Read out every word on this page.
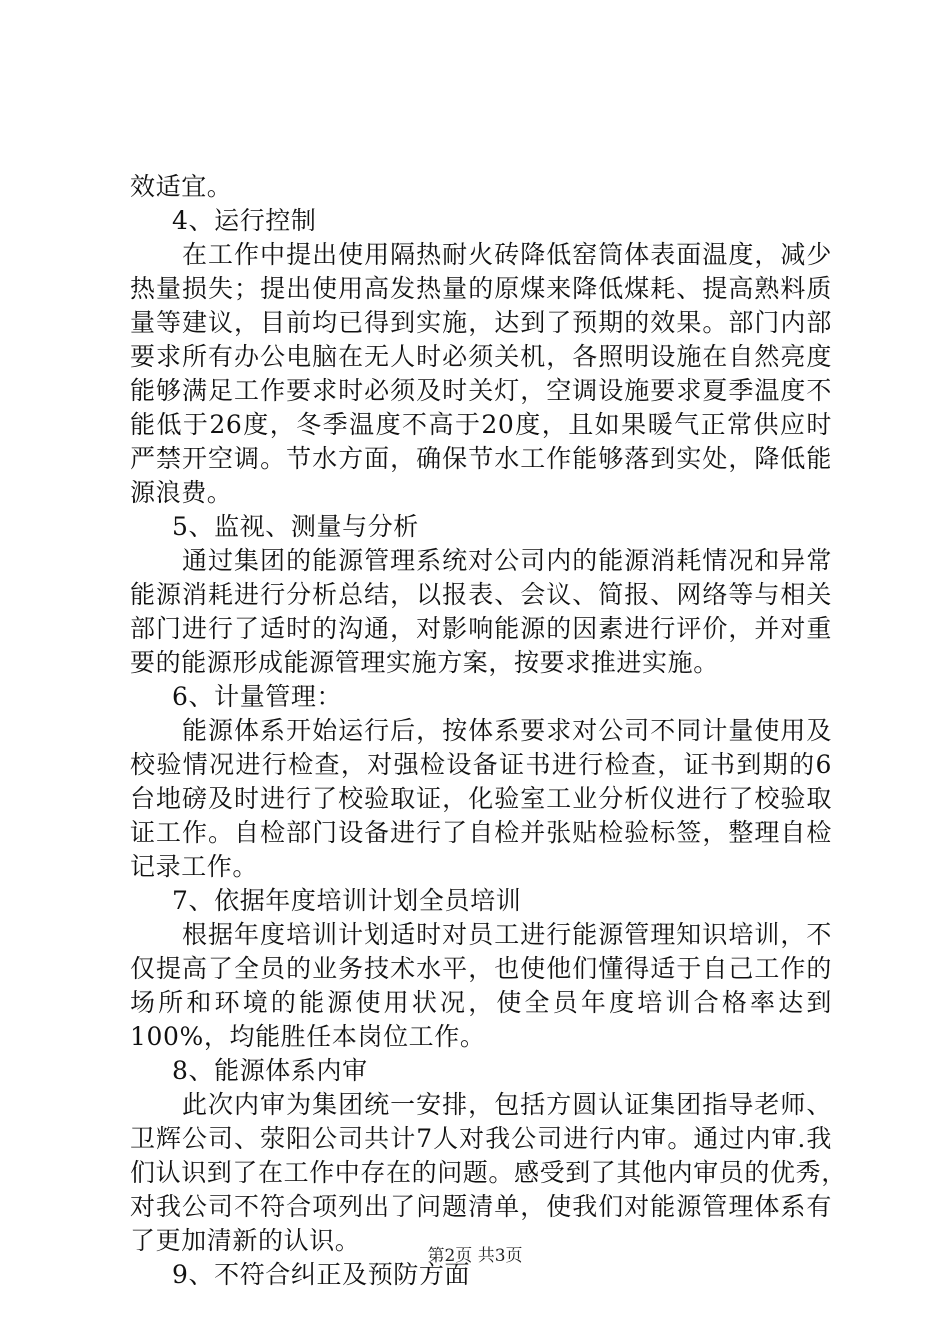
效适宜。
4、运行控制
在工作中提出使用隔热耐火砖降低窑筒体表面温度，减少
热量损失；提出使用高发热量的原煤来降低煤耗、提高熟料质
量等建议，目前均已得到实施，达到了预期的效果。部门内部
要求所有办公电脑在无人时必须关机，各照明设施在自然亮度
能够满足工作要求时必须及时关灯，空调设施要求夏季温度不
能低于26度，冬季温度不高于20度，且如果暖气正常供应时
严禁开空调。节水方面，确保节水工作能够落到实处，降低能
源浪费。
5、监视、测量与分析
通过集团的能源管理系统对公司内的能源消耗情况和异常
能源消耗进行分析总结，以报表、会议、简报、网络等与相关
部门进行了适时的沟通，对影响能源的因素进行评价，并对重
要的能源形成能源管理实施方案，按要求推进实施。
6、计量管理：
能源体系开始运行后，按体系要求对公司不同计量使用及
校验情况进行检查，对强检设备证书进行检查，证书到期的6
台地磅及时进行了校验取证，化验室工业分析仪进行了校验取
证工作。自检部门设备进行了自检并张贴检验标签，整理自检
记录工作。
7、依据年度培训计划全员培训
根据年度培训计划适时对员工进行能源管理知识培训，不
仅提高了全员的业务技术水平，也使他们懂得适于自己工作的
场所和环境的能源使用状况，使全员年度培训合格率达到
100%，均能胜任本岗位工作。
8、能源体系内审
此次内审为集团统一安排，包括方圆认证集团指导老师、
卫辉公司、荥阳公司共计7人对我公司进行内审。通过内审.我
们认识到了在工作中存在的问题。感受到了其他内审员的优秀，
对我公司不符合项列出了问题清单，使我们对能源管理体系有
了更加清新的认识。
9、不符合纠正及预防方面
第2页 共3页
